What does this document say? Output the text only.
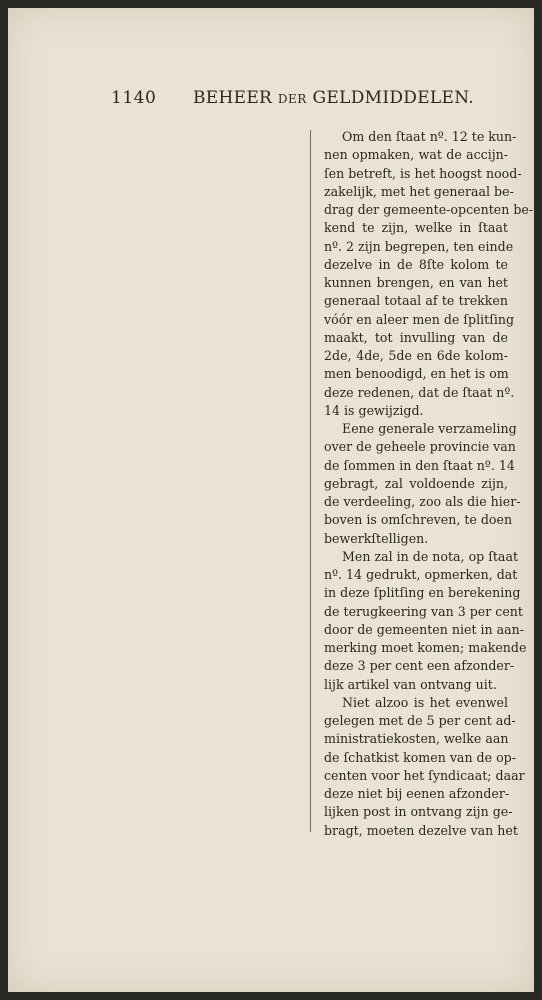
1140 BEHEER DER GELDMIDDELEN.
Om den ſtaat nº. 12 te kun-
nen opmaken, wat de accijn-
ſen betreft, is het hoogst nood-
zakelijk, met het generaal be-
drag der gemeente-opcenten be-
kend te zijn, welke in ſtaat
nº. 2 zijn begrepen, ten einde
dezelve in de 8ſte kolom te
kunnen brengen, en van het
generaal totaal af te trekken
vóór en aleer men de ſplitſing
maakt, tot invulling van de
2de, 4de, 5de en 6de kolom-
men benoodigd, en het is om
deze redenen, dat de ſtaat nº.
14 is gewijzigd.
Eene generale verzameling
over de geheele provincie van
de ſommen in den ſtaat nº. 14
gebragt, zal voldoende zijn,
de verdeeling, zoo als die hier-
boven is omſchreven, te doen
bewerkſtelligen.
Men zal in de nota, op ſtaat
nº. 14 gedrukt, opmerken, dat
in deze ſplitſing en berekening
de terugkeering van 3 per cent
door de gemeenten niet in aan-
merking moet komen; makende
deze 3 per cent een afzonder-
lijk artikel van ontvang uit.
Niet alzoo is het evenwel
gelegen met de 5 per cent ad-
ministratiekosten, welke aan
de ſchatkist komen van de op-
centen voor het ſyndicaat; daar
deze niet bij eenen afzonder-
lijken post in ontvang zijn ge-
bragt, moeten dezelve van het
